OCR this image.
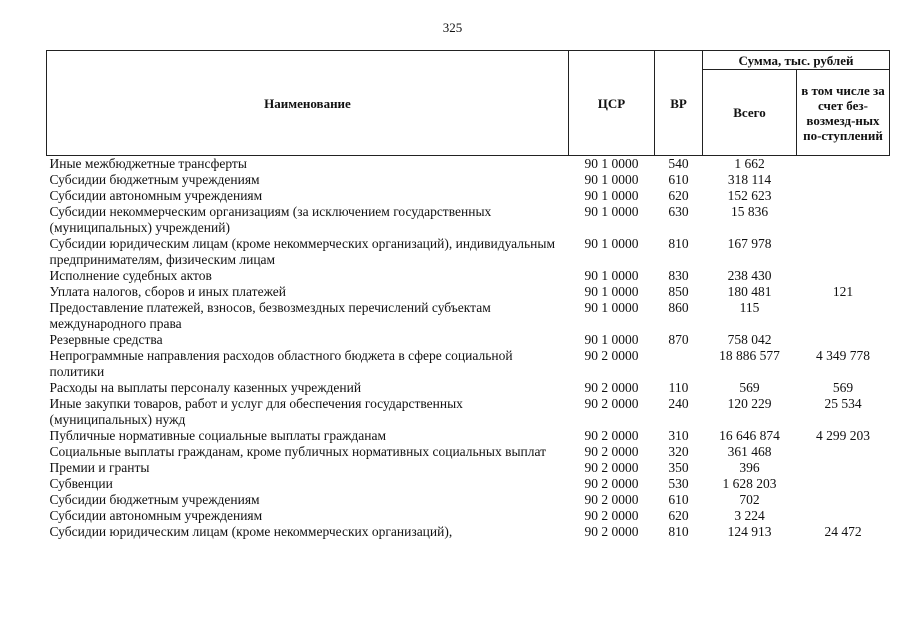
325
Наименование	ЦСР	ВР	Сумма, тыс. рублей	
			Всего	в том числе за счет без-возмезд-ных по-ступлений
Иные межбюджетные трансферты	90 1 0000	540	1 662	
Субсидии бюджетным учреждениям	90 1 0000	610	318 114	
Субсидии автономным учреждениям	90 1 0000	620	152 623	
Субсидии некоммерческим организациям (за исключением государственных (муниципальных) учреждений)	90 1 0000	630	15 836	
Субсидии юридическим лицам (кроме некоммерческих организаций), индивидуальным предпринимателям, физическим лицам	90 1 0000	810	167 978	
Исполнение судебных актов	90 1 0000	830	238 430	
Уплата налогов, сборов и иных платежей	90 1 0000	850	180 481	121
Предоставление платежей, взносов, безвозмездных перечислений субъектам международного права	90 1 0000	860	115	
Резервные средства	90 1 0000	870	758 042	
Непрограммные направления расходов областного бюджета в сфере социальной политики	90 2 0000		18 886 577	4 349 778
Расходы на выплаты персоналу казенных учреждений	90 2 0000	110	569	569
Иные закупки товаров, работ и услуг для обеспечения государственных (муниципальных) нужд	90 2 0000	240	120 229	25 534
Публичные нормативные социальные выплаты гражданам	90 2 0000	310	16 646 874	4 299 203
Социальные выплаты гражданам, кроме публичных нормативных социальных выплат	90 2 0000	320	361 468	
Премии и гранты	90 2 0000	350	396	
Субвенции	90 2 0000	530	1 628 203	
Субсидии бюджетным учреждениям	90 2 0000	610	702	
Субсидии автономным учреждениям	90 2 0000	620	3 224	
Субсидии юридическим лицам (кроме некоммерческих организаций),	90 2 0000	810	124 913	24 472
